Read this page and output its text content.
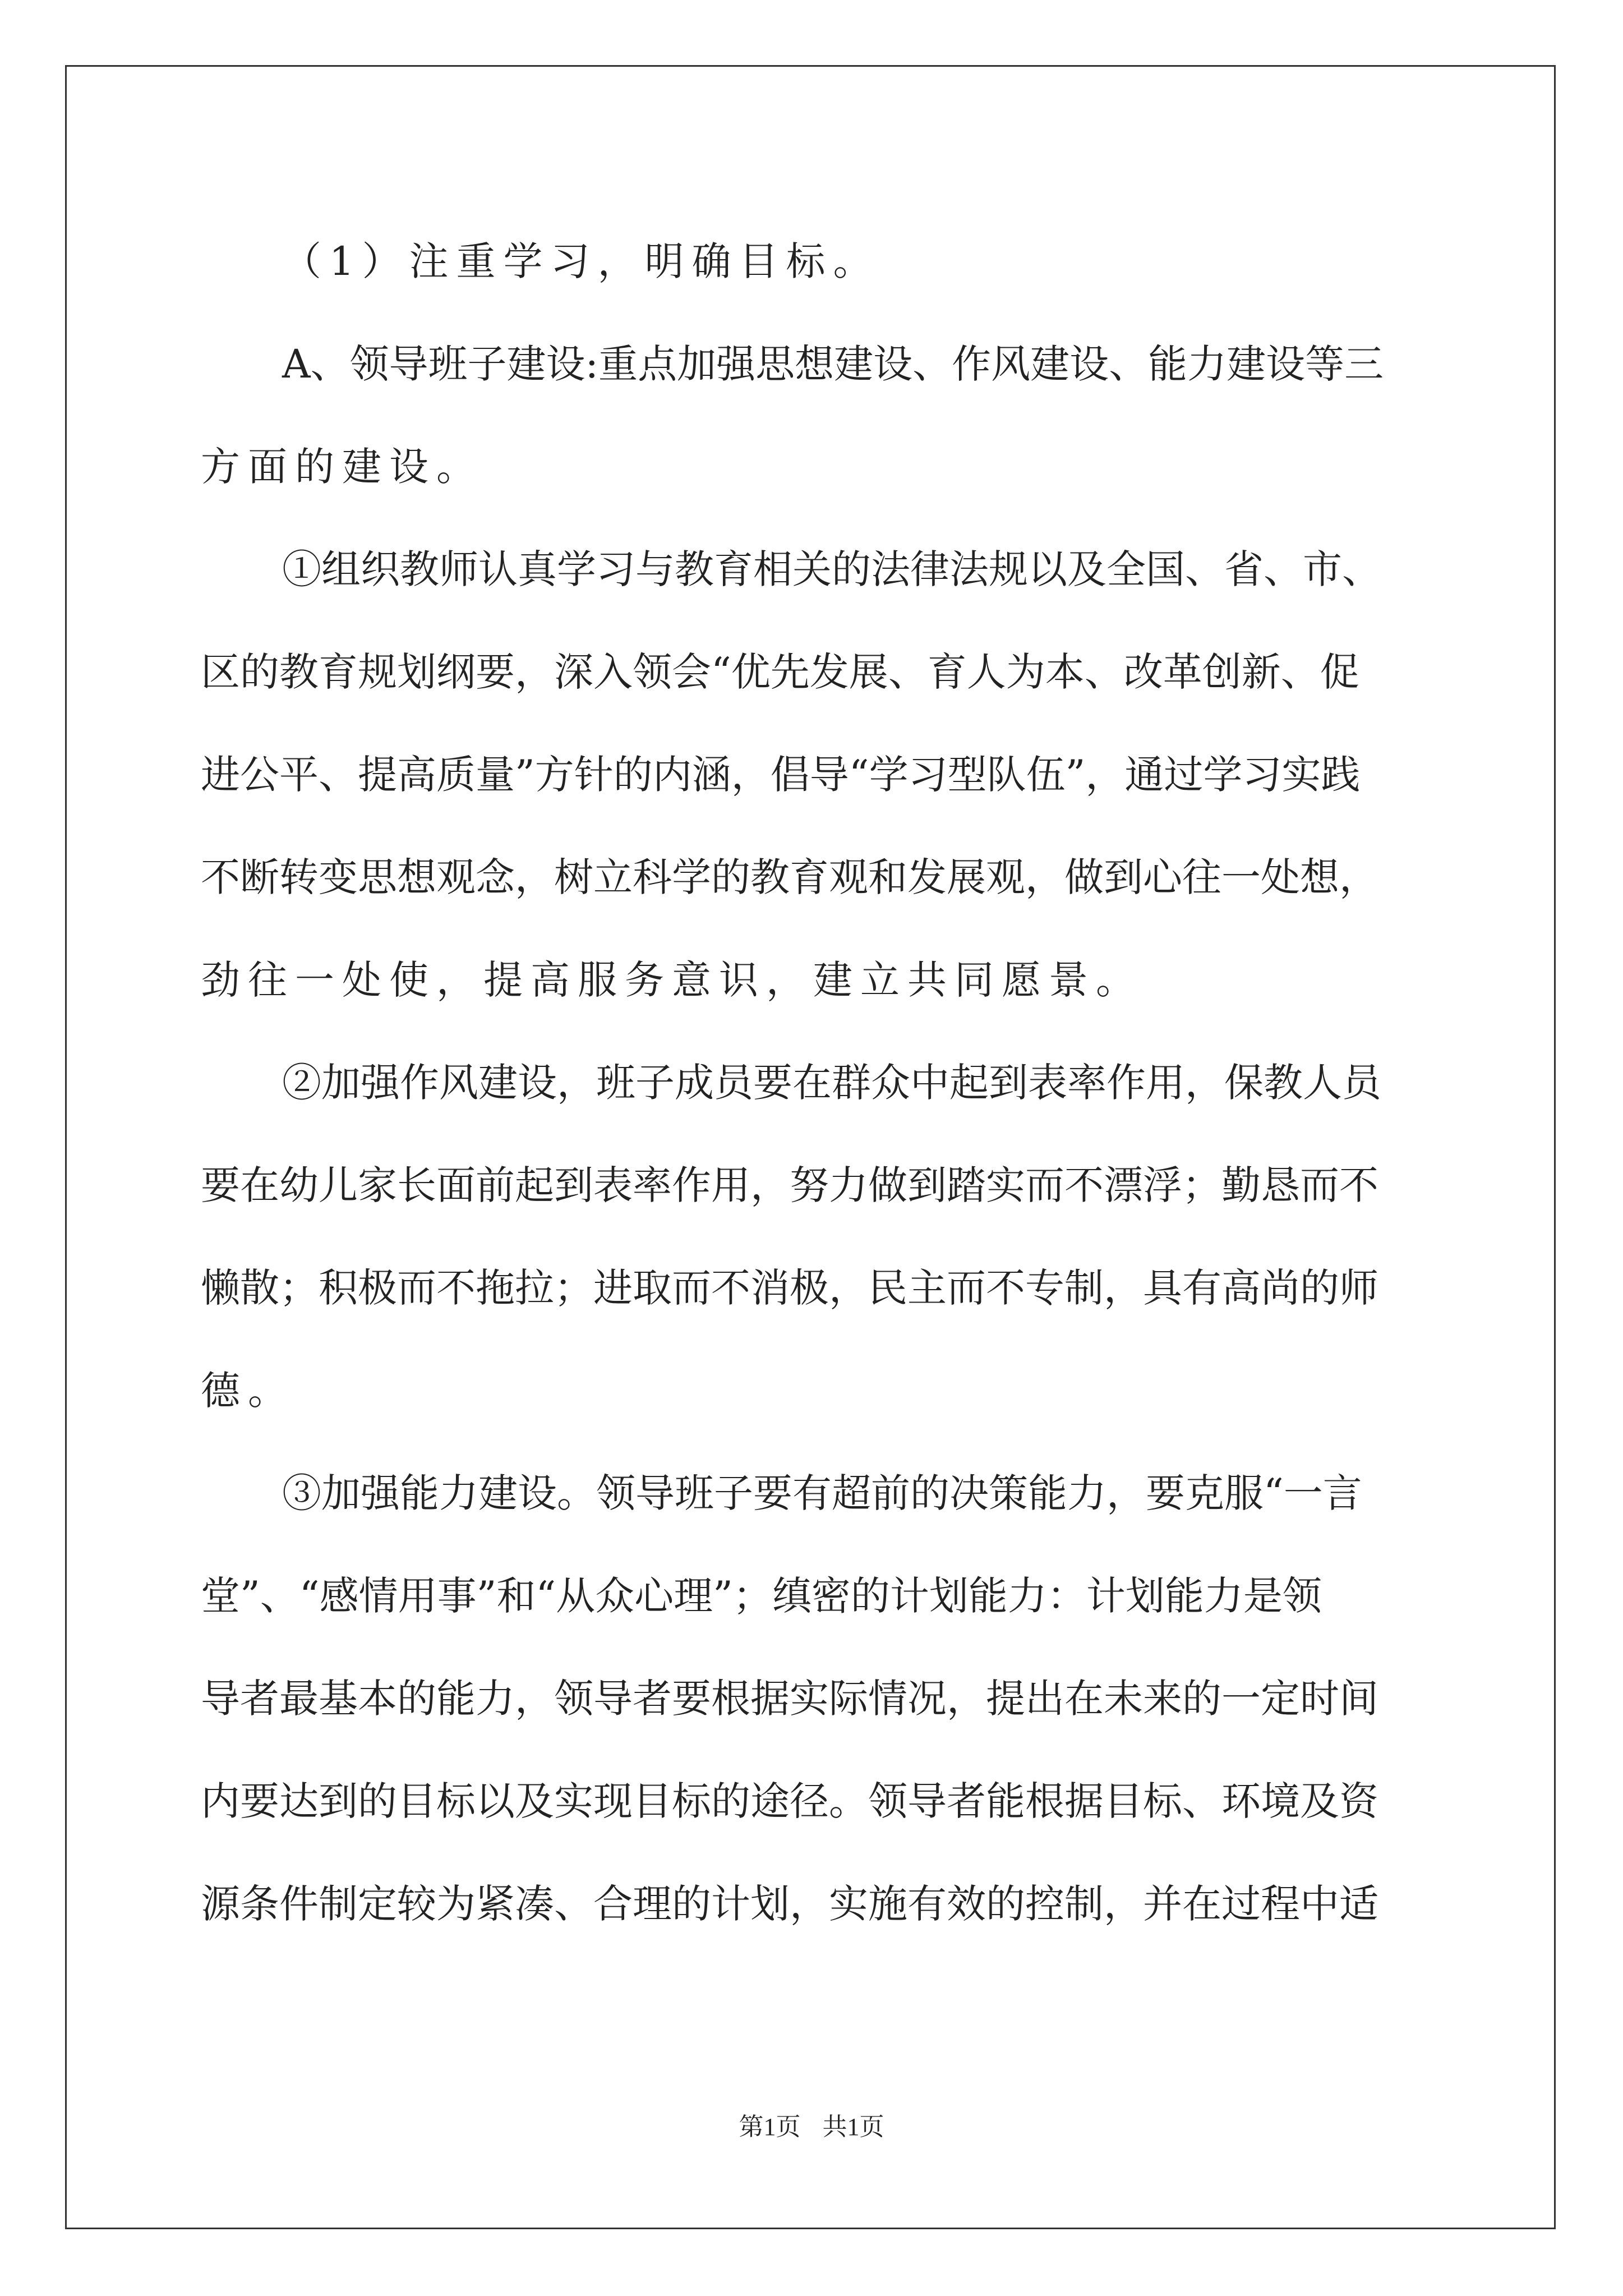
（1）注重学习，明确目标。
A、领导班子建设:重点加强思想建设、作风建设、能力建设等三
方面的建设。
①组织教师认真学习与教育相关的法律法规以及全国、省、市、
区的教育规划纲要，深入领会“优先发展、育人为本、改革创新、促
进公平、提高质量”方针的内涵，倡导“学习型队伍”，通过学习实践
不断转变思想观念，树立科学的教育观和发展观，做到心往一处想，
劲往一处使，提高服务意识，建立共同愿景。
②加强作风建设，班子成员要在群众中起到表率作用，保教人员
要在幼儿家长面前起到表率作用，努力做到踏实而不漂浮；勤恳而不
懒散；积极而不拖拉；进取而不消极，民主而不专制，具有高尚的师
德。
③加强能力建设。领导班子要有超前的决策能力，要克服“一言
堂”、“感情用事”和“从众心理”；缜密的计划能力：计划能力是领
导者最基本的能力，领导者要根据实际情况，提出在未来的一定时间
内要达到的目标以及实现目标的途径。领导者能根据目标、环境及资
源条件制定较为紧凑、合理的计划，实施有效的控制，并在过程中适
第1页 共1页
